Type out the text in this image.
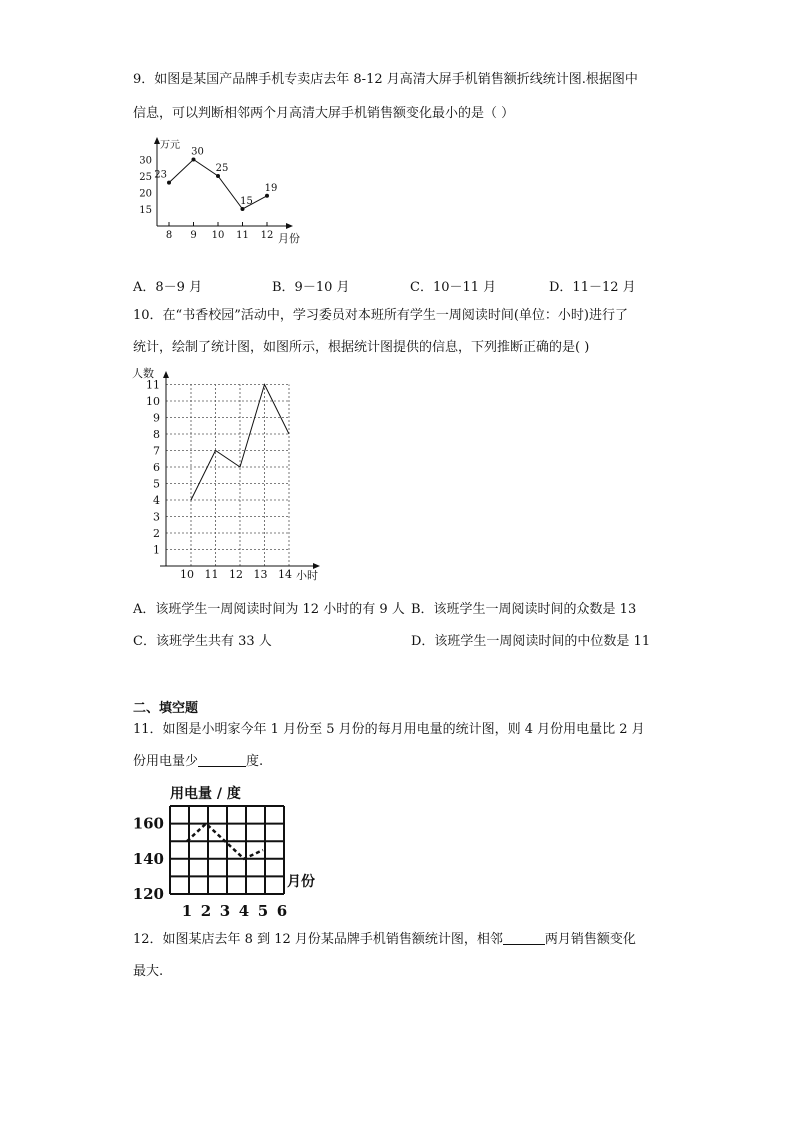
9．如图是某国产品牌手机专卖店去年 8-12 月高清大屏手机销售额折线统计图.根据图中
信息，可以判断相邻两个月高清大屏手机销售额变化最小的是（ ）
万元
月份
15
20
25
30
8 9 10 11 12
23
30
25
15
19
A．8－9 月	B．9－10 月	C．10－11 月	D．11－12 月
10．在“书香校园”活动中，学习委员对本班所有学生一周阅读时间(单位：小时)进行了
统计，绘制了统计图，如图所示，根据统计图提供的信息，下列推断正确的是( )
人数
小时
1
2
3
4
5
6
7
8
9
10
11
10 11 12 13 14
A．该班学生一周阅读时间为 12 小时的有 9 人 B．该班学生一周阅读时间的众数是 13
C．该班学生共有 33 人	D．该班学生一周阅读时间的中位数是 11
二、填空题
11．如图是小明家今年 1 月份至 5 月份的每月用电量的统计图，则 4 月份用电量比 2 月
份用电量少	度.
用电量 / 度
月份
120
140
160
1 2 3 4 5 6
12．如图某店去年 8 到 12 月份某品牌手机销售额统计图，相邻	两月销售额变化
最大.
